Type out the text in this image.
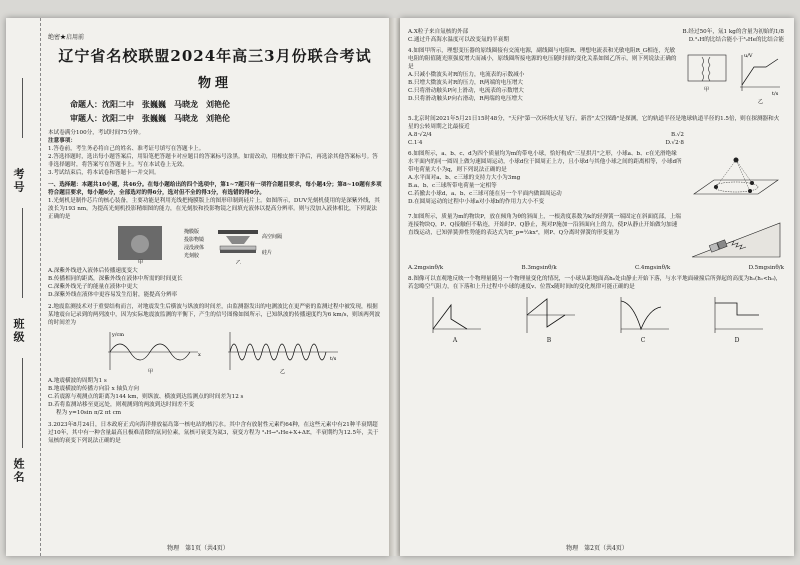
考号
班级
姓名
绝密★启用前
辽宁省名校联盟2024年高三3月份联合考试
物理
命题人：沈阳二中　张巍巍　马晓龙　刘艳伦
审题人：沈阳二中　张巍巍　马晓龙　刘艳伦
本试卷满分100分，考试时间75分钟。
注意事项：
1.答卷前，考生务必将自己的姓名、准考证号填写在答题卡上。
2.答选择题时，选出每小题答案后，用铅笔把答题卡对应题目的答案标号涂黑。如需改动，用橡皮擦干净后，再选涂其他答案标号。答非选择题时，将答案写在答题卡上。写在本试卷上无效。
3.考试结束后，将本试卷和答题卡一并交回。
一、选择题：本题共10小题，共46分。在每小题给出的四个选项中，第1~7题只有一项符合题目要求，每小题4分；第8~10题有多项符合题目要求，每小题6分，全部选对的得6分，选对但不全的得3分，有选错的得0分。
1.光刻机是制作芯片的核心装备，主要功能是利用光线把掩膜版上的图形印制到硅片上。如图所示，DUV光刻机使用的是深紫外线，其波长为193 nm。为提高光刻机投影精细图的能力，在光刻胶和投影物镜之间填充液体以提高分辨率。则与没加入液体相比，下列说法正确的是
掩膜版
投影物镜
浸没液体
光刻胶	硅片
高空间隔
甲	乙
A.深紫外线进入液体后传播速度变大
B.传播相同的距离，深紫外线在液体中所需的时间更长
C.深紫外线光子的能量在液体中更大
D.深紫外线在液体中更容易发生衍射，能提高分辨率
2.地震监测技术对于重要结构而言，对地震发生后横波与纵波的时间差，由监测器发出的电测波比在更严密的监测过程中被发现，根据某地震台记录到的两列波中，因为实际地震波监测的平衡下，产生的信号图像如图所示，已知纵波的传播速度约为6 km/s，则该两列波的时间差为
y/cm
x
t/s
甲	乙
A.地震横波的周期为1 s
B.地震横波的传播方向沿 x 轴负方向
C.若震源与观测点的距离为144 km，则纵波、横波到达监测点的时间差为12 s
D.若将监测站移至更远处，则观测到的两波到达时间差不变
程为 y=10sin π/2 πt cm
3.2023年8月24日，日本政府正式向海洋排放福岛第一核电站的核污水。其中含有放射性元素约64种，在这些元素中有21种半衰期超过10年，其中有一种含量最高且极难清除的氚同位素，氚核可衰变为氦3，衰变方程为 ³₁H→³₂He+X+ΔE，半衰期约为12.5年，关于氚核的衰变下列说法正确的是
物理　第1页（共4页）
A.X粒子来自氚核的外部	B.经过50年，氚1 kg的含量为初始的1/8
C.通过升高海水温度可以改变氚的半衰期	D.³₁H的比结合能小于³₂He的比结合能
4.如图甲所示，理想变压器的原线圈接有交流电源，副线圈与电阻R、理想电流表和光敏电阻R_G相连，光敏电阻的阻值随光照强度增大而减小，原线圈所接电源的电压随时间的变化关系如图乙所示，则下列说法正确的是
A.只减小微波头对R的压力，电流表的示数减小
B.只增大微波头对R的压力，R两端的电压增大
C.只将滑动触头P向上滑动，电流表的示数增大
D.只将滑动触头P向右滑动，R两端的电压增大
u/V
t/s
甲
乙
5.北京时间2021年5月21日15时48分，"天问"第一次环绕火星飞行，新晋"太空探路"是探测，它的轨道半径是地球轨道半径的1.5倍，则在探测器和火星的公转周期之比最接近
A.8·√2/4	B.√2
C.1∶4	D.√2·8
6.如图所示，a、b、c、d为四个质量均为m的带电小球，恰好构成"三星拱月"之形，小球a、b、c在光滑绝缘水平面内的同一圆周上做匀速圆周运动，小球d位于圆周正上方，且小球d与其他小球之间的距离相等，小球d所带电荷量大小为q，则下列说法正确的是
A.水平面对a、b、c三球的支持力大小为3mg
B.a、b、c三球所带电荷量一定相等
C.若撤去小球d，a、b、c三球可能在另一个平面内做圆周运动
D.在圆周运动的过程中小球a对小球b的作用力大小不变
7.如图所示，质量为m的物块P，放在倾角为θ的斜面上，一根劲度系数为k的轻弹簧一端固定在斜面底部，上端连接物块Q，P、Q接触但不粘连，开始时P、Q静止，现对P施加一沿斜面向上的力，使P从静止开始做匀加速直线运动，已知弹簧弹性势能的表达式为E_p=½kx²，则P、Q分离时弹簧的形变量为
A.2mgsinθ/k	B.3mgsinθ/k	C.4mgsinθ/k	D.5mgsinθ/k
8.图像可以直观地反映一个物理量随另一个物理量变化的情况，一小球从距地面高h₀处由静止开始下落，与水平地面碰撞后所弹起的高度为h₁(h₁<h₀)，若忽略空气阻力，在下落和上升过程中小球的速度v、位置x随时间t的变化规律可能正确的是
A	B	C	D
物理　第2页（共4页）
